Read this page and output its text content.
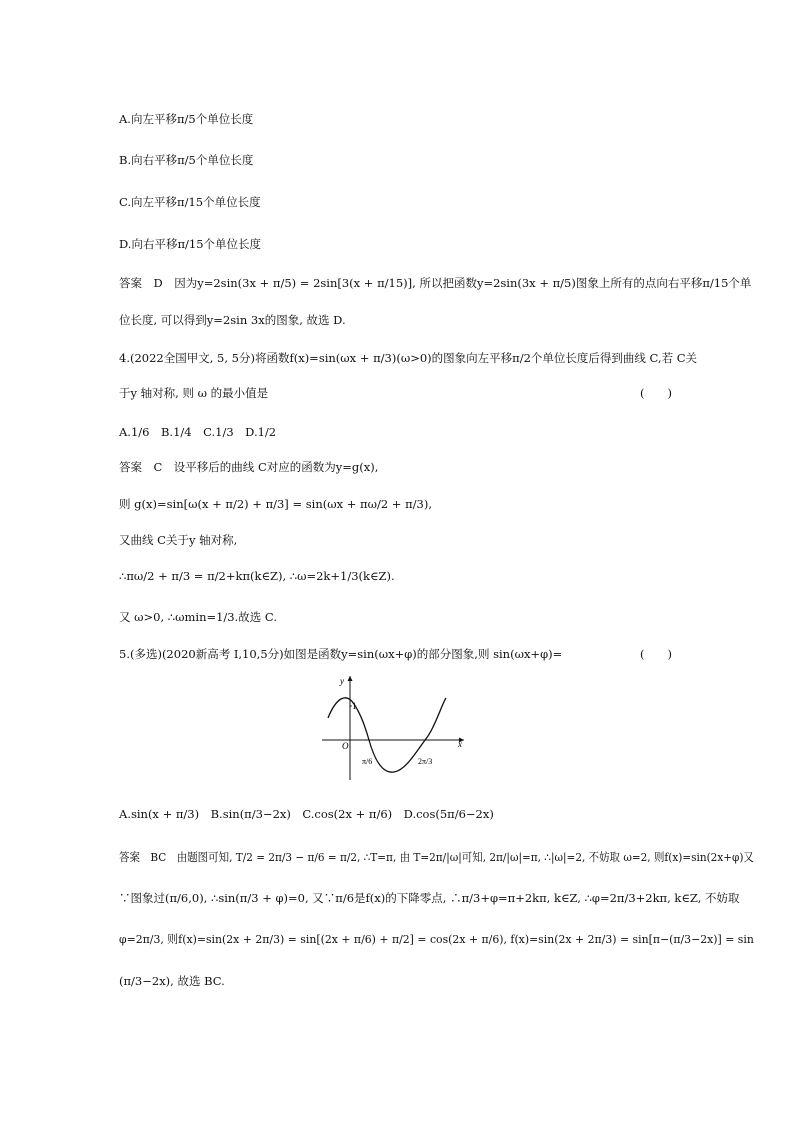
A.向左平移π/5个单位长度
B.向右平移π/5个单位长度
C.向左平移π/15个单位长度
D.向右平移π/15个单位长度
答案　D　因为y=2sin(3x + π/5) = 2sin[3(x + π/15)], 所以把函数y=2sin(3x + π/5)图象上所有的点向右平移π/15个单
位长度, 可以得到y=2sin 3x的图象, 故选 D.
4.(2022全国甲文, 5, 5分)将函数f(x)=sin(ωx + π/3)(ω>0)的图象向左平移π/2个单位长度后得到曲线 C,若 C关
于y 轴对称, 则 ω 的最小值是	(　　)
A.1/6　B.1/4　C.1/3　D.1/2
答案　C　设平移后的曲线 C对应的函数为y=g(x),
则 g(x)=sin[ω(x + π/2) + π/3] = sin(ωx + πω/2 + π/3),
又曲线 C关于y 轴对称,
∴πω/2 + π/3 = π/2+kπ(k∈Z), ∴ω=2k+1/3(k∈Z).
又 ω>0, ∴ωmin=1/3.故选 C.
5.(多选)(2020新高考 Ⅰ,10,5分)如图是函数y=sin(ωx+φ)的部分图象,则 sin(ωx+φ)=	(　　)
y
x
O
1
π/6	2π/3
A.sin(x + π/3)　B.sin(π/3−2x)　C.cos(2x + π/6)　D.cos(5π/6−2x)
答案　BC　由题图可知, T/2 = 2π/3 − π/6 = π/2, ∴T=π, 由 T=2π/|ω|可知, 2π/|ω|=π, ∴|ω|=2, 不妨取 ω=2, 则f(x)=sin(2x+φ)又
∵图象过(π/6,0), ∴sin(π/3 + φ)=0, 又∵π/6是f(x)的下降零点, ∴π/3+φ=π+2kπ, k∈Z, ∴φ=2π/3+2kπ, k∈Z, 不妨取
φ=2π/3, 则f(x)=sin(2x + 2π/3) = sin[(2x + π/6) + π/2] = cos(2x + π/6), f(x)=sin(2x + 2π/3) = sin[π−(π/3−2x)] = sin
(π/3−2x), 故选 BC.
